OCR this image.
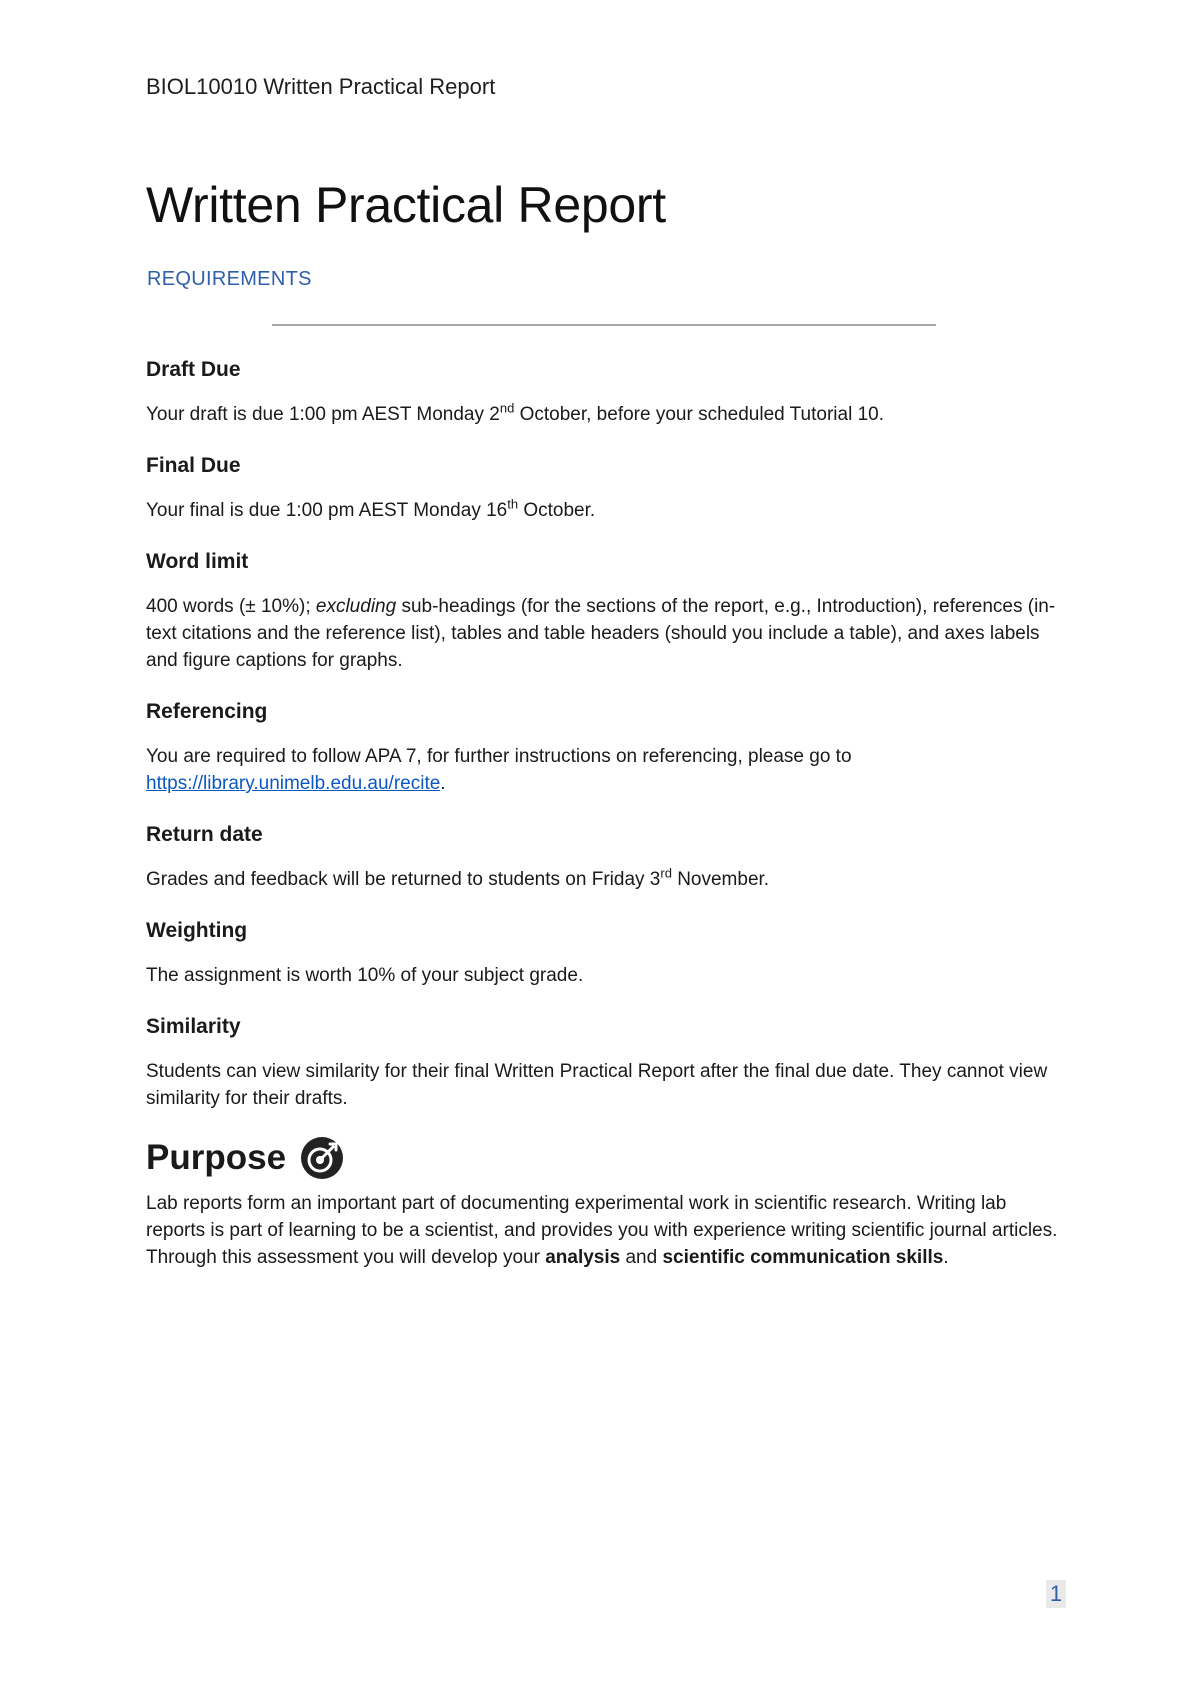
BIOL10010 Written Practical Report
Written Practical Report
REQUIREMENTS
Draft Due

Your draft is due 1:00 pm AEST Monday 2nd October, before your scheduled Tutorial 10.

Final Due

Your final is due 1:00 pm AEST Monday 16th October.

Word limit

400 words (± 10%); excluding sub-headings (for the sections of the report, e.g., Introduction), references (in-text citations and the reference list), tables and table headers (should you include a table), and axes labels and figure captions for graphs.

Referencing

You are required to follow APA 7, for further instructions on referencing, please go to https://library.unimelb.edu.au/recite.

Return date

Grades and feedback will be returned to students on Friday 3rd November.

Weighting

The assignment is worth 10% of your subject grade.

Similarity

Students can view similarity for their final Written Practical Report after the final due date. They cannot view similarity for their drafts.

Purpose

Lab reports form an important part of documenting experimental work in scientific research. Writing lab reports is part of learning to be a scientist, and provides you with experience writing scientific journal articles. Through this assessment you will develop your analysis and scientific communication skills.

1
